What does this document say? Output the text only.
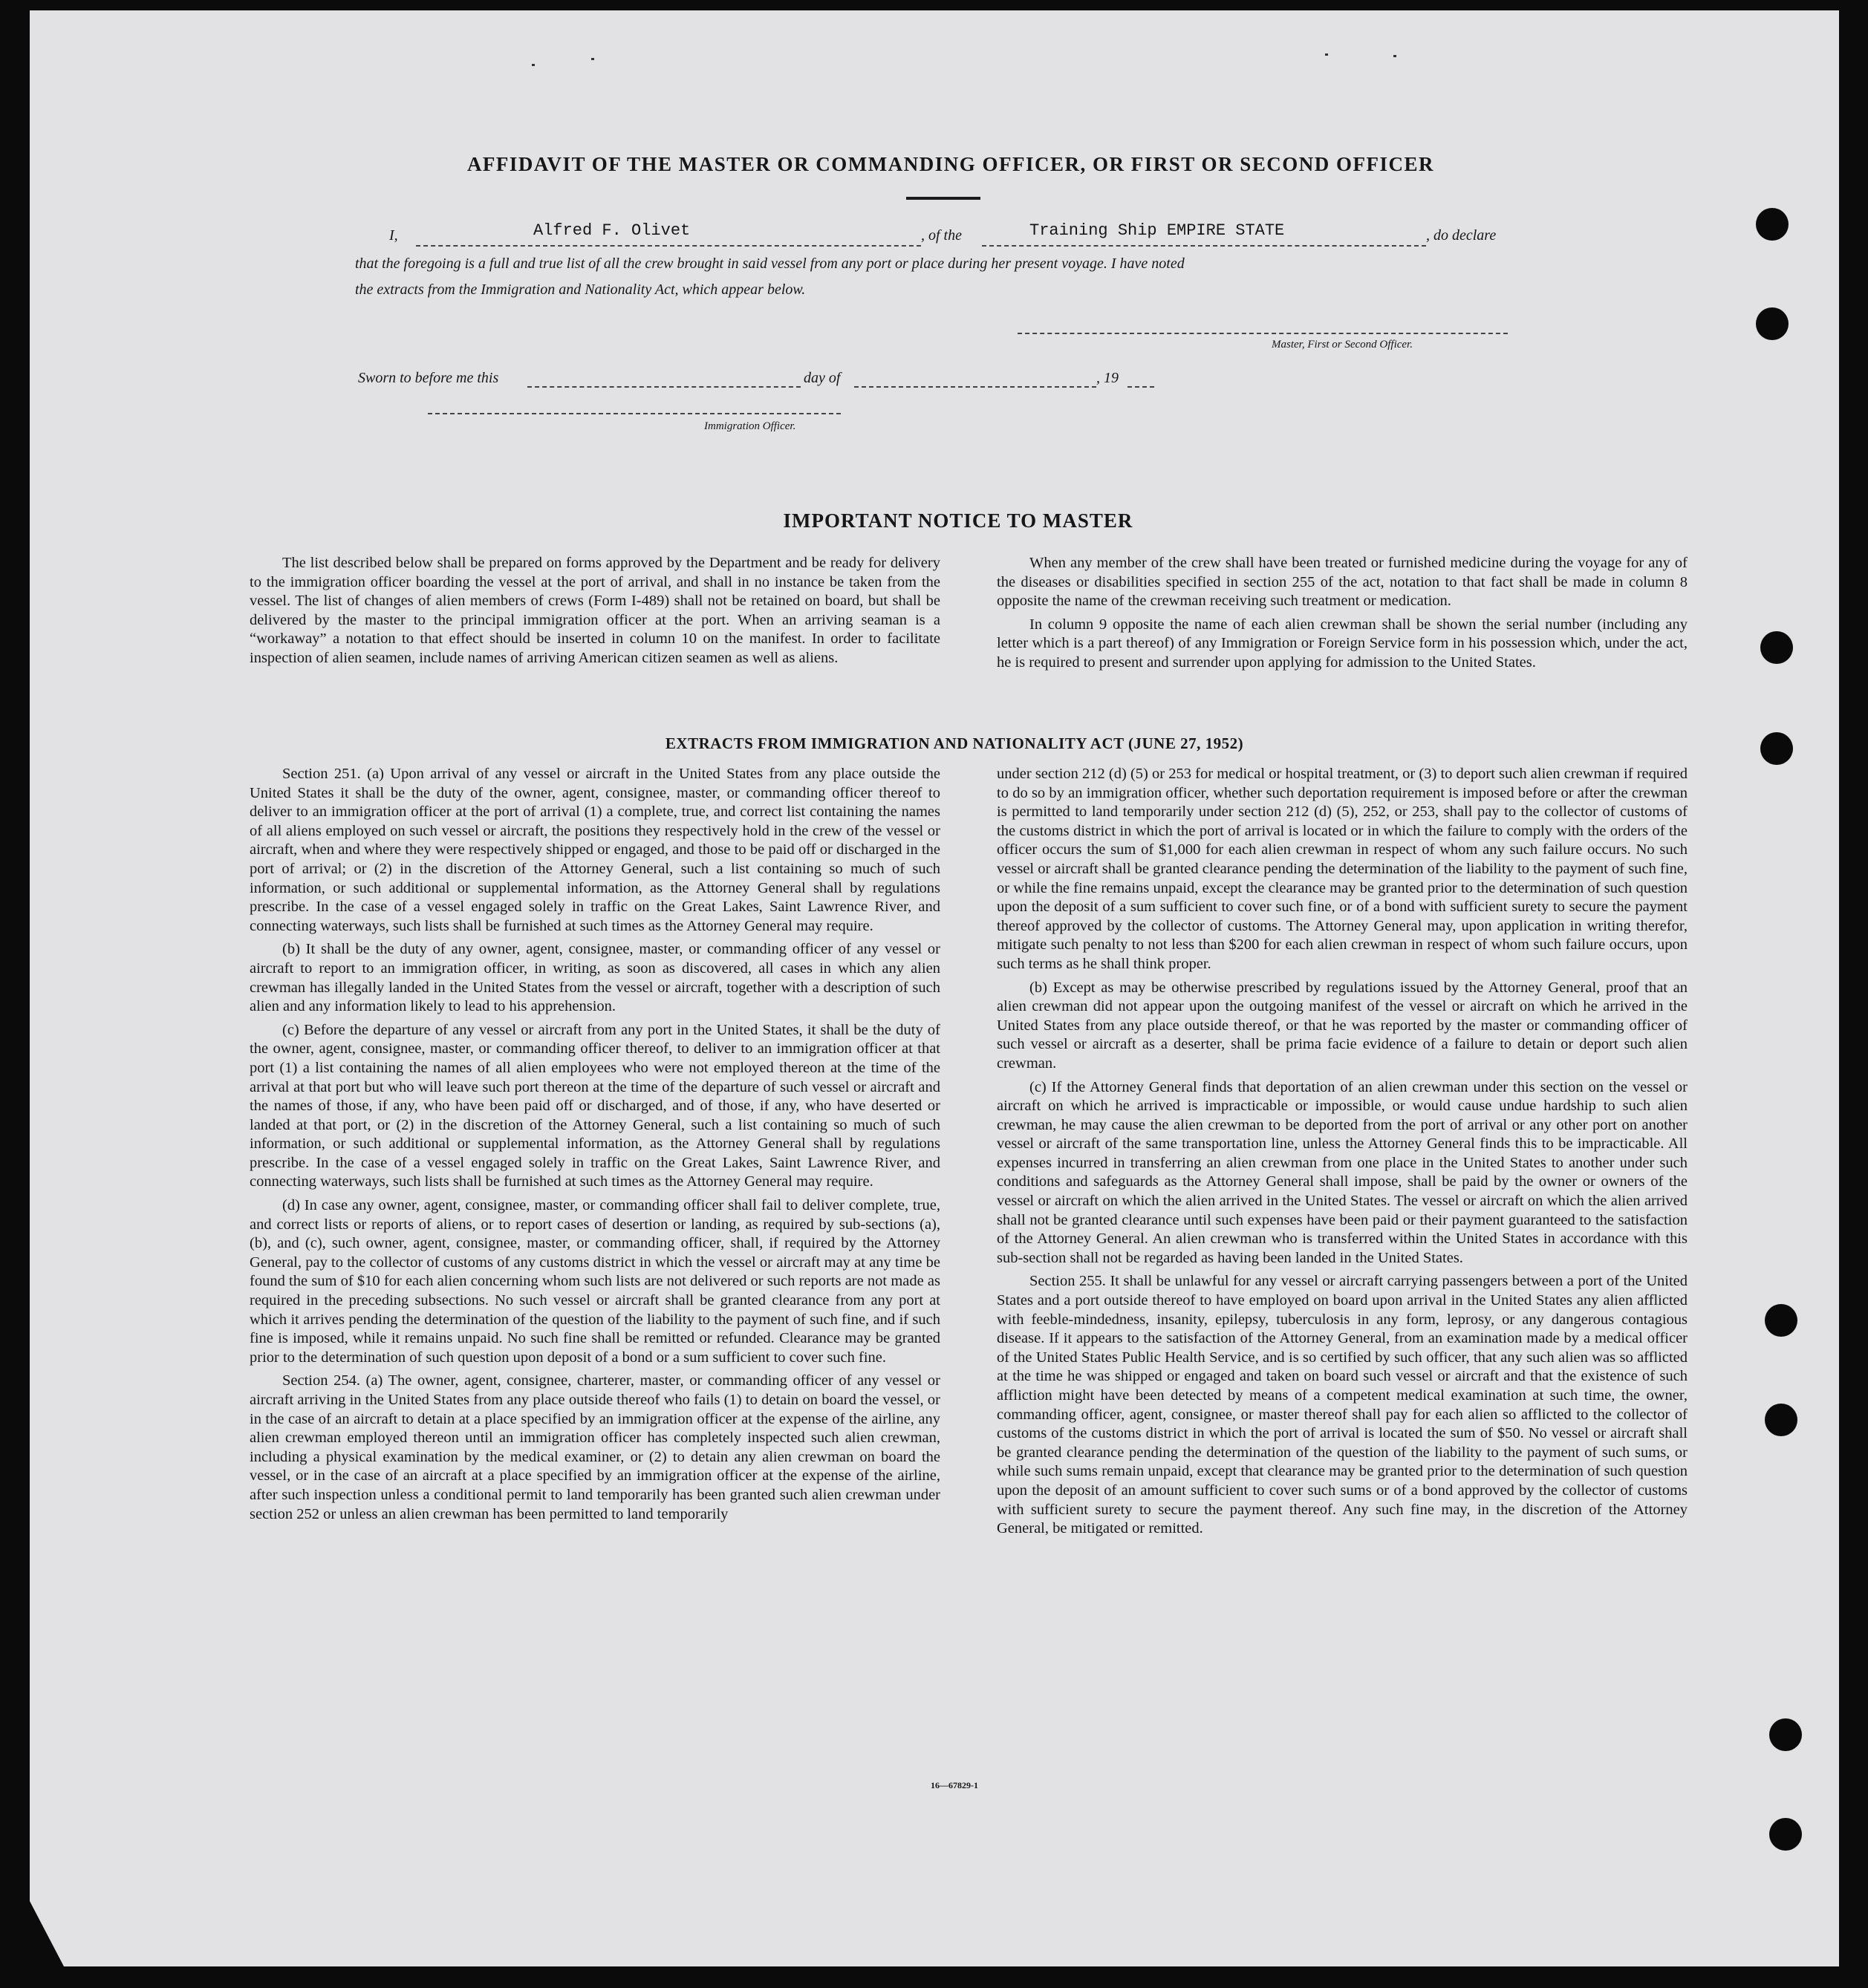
AFFIDAVIT OF THE MASTER OR COMMANDING OFFICER, OR FIRST OR SECOND OFFICER
I,	Alfred F. Olivet	, of the	Training Ship EMPIRE STATE	, do declare
that the foregoing is a full and true list of all the crew brought in said vessel from any port or place during her present voyage. I have noted
the extracts from the Immigration and Nationality Act, which appear below.
Master, First or Second Officer.
Sworn to before me this	day of	, 19
Immigration Officer.
IMPORTANT NOTICE TO MASTER

The list described below shall be prepared on forms approved by the Department and be ready for delivery to the immigration officer boarding the vessel at the port of arrival, and shall in no instance be taken from the vessel. The list of changes of alien members of crews (Form I-489) shall not be retained on board, but shall be delivered by the master to the principal immigration officer at the port. When an arriving seaman is a “workaway” a notation to that effect should be inserted in column 10 on the manifest. In order to facilitate inspection of alien seamen, include names of arriving American citizen seamen as well as aliens.

When any member of the crew shall have been treated or furnished medicine during the voyage for any of the diseases or disabilities specified in section 255 of the act, notation to that fact shall be made in column 8 opposite the name of the crewman receiving such treatment or medication.

In column 9 opposite the name of each alien crewman shall be shown the serial number (including any letter which is a part thereof) of any Immigration or Foreign Service form in his possession which, under the act, he is required to present and surrender upon applying for admission to the United States.

EXTRACTS FROM IMMIGRATION AND NATIONALITY ACT (JUNE 27, 1952)

Section 251. (a) Upon arrival of any vessel or aircraft in the United States from any place outside the United States it shall be the duty of the owner, agent, consignee, master, or commanding officer thereof to deliver to an immigration officer at the port of arrival (1) a complete, true, and correct list containing the names of all aliens employed on such vessel or aircraft, the positions they respectively hold in the crew of the vessel or aircraft, when and where they were respectively shipped or engaged, and those to be paid off or discharged in the port of arrival; or (2) in the discretion of the Attorney General, such a list containing so much of such information, or such additional or supplemental information, as the Attorney General shall by regulations prescribe. In the case of a vessel engaged solely in traffic on the Great Lakes, Saint Lawrence River, and connecting waterways, such lists shall be furnished at such times as the Attorney General may require.

(b) It shall be the duty of any owner, agent, consignee, master, or commanding officer of any vessel or aircraft to report to an immigration officer, in writing, as soon as discovered, all cases in which any alien crewman has illegally landed in the United States from the vessel or aircraft, together with a description of such alien and any information likely to lead to his apprehension.

(c) Before the departure of any vessel or aircraft from any port in the United States, it shall be the duty of the owner, agent, consignee, master, or commanding officer thereof, to deliver to an immigration officer at that port (1) a list containing the names of all alien employees who were not employed thereon at the time of the arrival at that port but who will leave such port thereon at the time of the departure of such vessel or aircraft and the names of those, if any, who have been paid off or discharged, and of those, if any, who have deserted or landed at that port, or (2) in the discretion of the Attorney General, such a list containing so much of such information, or such additional or supplemental information, as the Attorney General shall by regulations prescribe. In the case of a vessel engaged solely in traffic on the Great Lakes, Saint Lawrence River, and connecting waterways, such lists shall be furnished at such times as the Attorney General may require.

(d) In case any owner, agent, consignee, master, or commanding officer shall fail to deliver complete, true, and correct lists or reports of aliens, or to report cases of desertion or landing, as required by sub-sections (a), (b), and (c), such owner, agent, consignee, master, or commanding officer, shall, if required by the Attorney General, pay to the collector of customs of any customs district in which the vessel or aircraft may at any time be found the sum of $10 for each alien concerning whom such lists are not delivered or such reports are not made as required in the preceding subsections. No such vessel or aircraft shall be granted clearance from any port at which it arrives pending the determination of the question of the liability to the payment of such fine, and if such fine is imposed, while it remains unpaid. No such fine shall be remitted or refunded. Clearance may be granted prior to the determination of such question upon deposit of a bond or a sum sufficient to cover such fine.

Section 254. (a) The owner, agent, consignee, charterer, master, or commanding officer of any vessel or aircraft arriving in the United States from any place outside thereof who fails (1) to detain on board the vessel, or in the case of an aircraft to detain at a place specified by an immigration officer at the expense of the airline, any alien crewman employed thereon until an immigration officer has completely inspected such alien crewman, including a physical examination by the medical examiner, or (2) to detain any alien crewman on board the vessel, or in the case of an aircraft at a place specified by an immigration officer at the expense of the airline, after such inspection unless a conditional permit to land temporarily has been granted such alien crewman under section 252 or unless an alien crewman has been permitted to land temporarily

under section 212 (d) (5) or 253 for medical or hospital treatment, or (3) to deport such alien crewman if required to do so by an immigration officer, whether such deportation requirement is imposed before or after the crewman is permitted to land temporarily under section 212 (d) (5), 252, or 253, shall pay to the collector of customs of the customs district in which the port of arrival is located or in which the failure to comply with the orders of the officer occurs the sum of $1,000 for each alien crewman in respect of whom any such failure occurs. No such vessel or aircraft shall be granted clearance pending the determination of the liability to the payment of such fine, or while the fine remains unpaid, except the clearance may be granted prior to the determination of such question upon the deposit of a sum sufficient to cover such fine, or of a bond with sufficient surety to secure the payment thereof approved by the collector of customs. The Attorney General may, upon application in writing therefor, mitigate such penalty to not less than $200 for each alien crewman in respect of whom such failure occurs, upon such terms as he shall think proper.

(b) Except as may be otherwise prescribed by regulations issued by the Attorney General, proof that an alien crewman did not appear upon the outgoing manifest of the vessel or aircraft on which he arrived in the United States from any place outside thereof, or that he was reported by the master or commanding officer of such vessel or aircraft as a deserter, shall be prima facie evidence of a failure to detain or deport such alien crewman.

(c) If the Attorney General finds that deportation of an alien crewman under this section on the vessel or aircraft on which he arrived is impracticable or impossible, or would cause undue hardship to such alien crewman, he may cause the alien crewman to be deported from the port of arrival or any other port on another vessel or aircraft of the same transportation line, unless the Attorney General finds this to be impracticable. All expenses incurred in transferring an alien crewman from one place in the United States to another under such conditions and safeguards as the Attorney General shall impose, shall be paid by the owner or owners of the vessel or aircraft on which the alien arrived in the United States. The vessel or aircraft on which the alien arrived shall not be granted clearance until such expenses have been paid or their payment guaranteed to the satisfaction of the Attorney General. An alien crewman who is transferred within the United States in accordance with this sub-section shall not be regarded as having been landed in the United States.

Section 255. It shall be unlawful for any vessel or aircraft carrying passengers between a port of the United States and a port outside thereof to have employed on board upon arrival in the United States any alien afflicted with feeble-mindedness, insanity, epilepsy, tuberculosis in any form, leprosy, or any dangerous contagious disease. If it appears to the satisfaction of the Attorney General, from an examination made by a medical officer of the United States Public Health Service, and is so certified by such officer, that any such alien was so afflicted at the time he was shipped or engaged and taken on board such vessel or aircraft and that the existence of such affliction might have been detected by means of a competent medical examination at such time, the owner, commanding officer, agent, consignee, or master thereof shall pay for each alien so afflicted to the collector of customs of the customs district in which the port of arrival is located the sum of $50. No vessel or aircraft shall be granted clearance pending the determination of the question of the liability to the payment of such sums, or while such sums remain unpaid, except that clearance may be granted prior to the determination of such question upon the deposit of an amount sufficient to cover such sums or of a bond approved by the collector of customs with sufficient surety to secure the payment thereof. Any such fine may, in the discretion of the Attorney General, be mitigated or remitted.

16—67829-1
